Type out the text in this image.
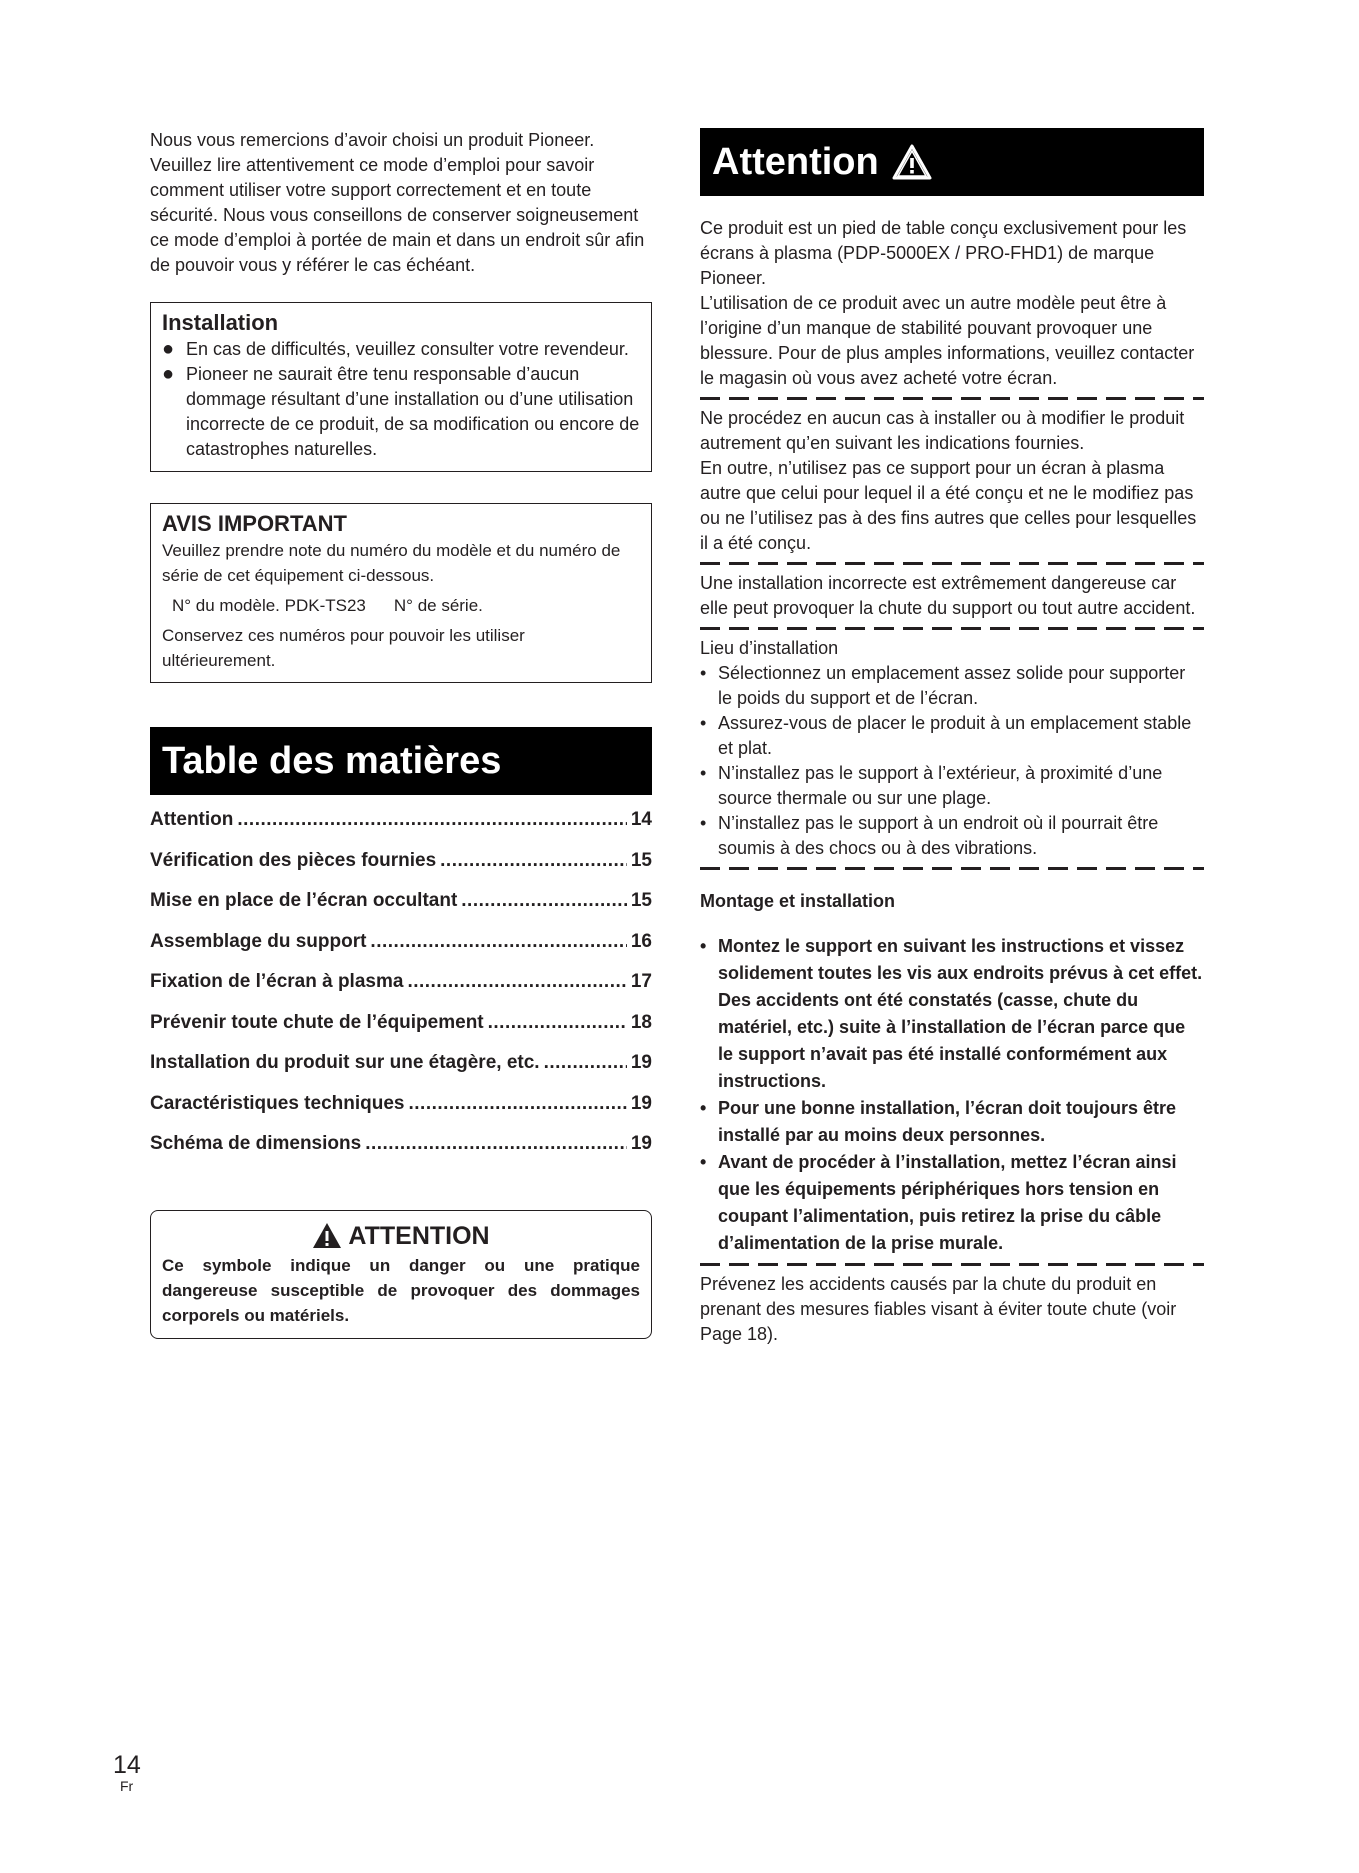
Nous vous remercions d’avoir choisi un produit Pioneer. Veuillez lire attentivement ce mode d’emploi pour savoir comment utiliser votre support correctement et en toute sécurité. Nous vous conseillons de conserver soigneusement ce mode d’emploi à portée de main et dans un endroit sûr afin de pouvoir vous y référer le cas échéant.

Installation
● En cas de difficultés, veuillez consulter votre revendeur.
● Pioneer ne saurait être tenu responsable d’aucun dommage résultant d’une installation ou d’une utilisation incorrecte de ce produit, de sa modification ou encore de catastrophes naturelles.
AVIS IMPORTANT

Veuillez prendre note du numéro du modèle et du numéro de série de cet équipement ci-dessous.

N° du modèle. PDK-TS23 N° de série.

Conservez ces numéros pour pouvoir les utiliser ultérieurement.

Table des matières
Attention .....	14
Vérification des pièces fournies .....	15
Mise en place de l’écran occultant .....	15
Assemblage du support .....	16
Fixation de l’écran à plasma .....	17
Prévenir toute chute de l’équipement .....	18
Installation du produit sur une étagère, etc. .....	19
Caractéristiques techniques .....	19
Schéma de dimensions .....	19
ATTENTION
Ce symbole indique un danger ou une pratique dangereuse susceptible de provoquer des dommages corporels ou matériels.
Attention

Ce produit est un pied de table conçu exclusivement pour les écrans à plasma (PDP-5000EX / PRO-FHD1) de marque Pioneer.

L’utilisation de ce produit avec un autre modèle peut être à l’origine d’un manque de stabilité pouvant provoquer une blessure. Pour de plus amples informations, veuillez contacter le magasin où vous avez acheté votre écran.

Ne procédez en aucun cas à installer ou à modifier le produit autrement qu’en suivant les indications fournies.

En outre, n’utilisez pas ce support pour un écran à plasma autre que celui pour lequel il a été conçu et ne le modifiez pas ou ne l’utilisez pas à des fins autres que celles pour lesquelles il a été conçu.

Une installation incorrecte est extrêmement dangereuse car elle peut provoquer la chute du support ou tout autre accident.

Lieu d’installation

• Sélectionnez un emplacement assez solide pour supporter le poids du support et de l’écran.
• Assurez-vous de placer le produit à un emplacement stable et plat.
• N’installez pas le support à l’extérieur, à proximité d’une source thermale ou sur une plage.
• N’installez pas le support à un endroit où il pourrait être soumis à des chocs ou à des vibrations.

Montage et installation

• Montez le support en suivant les instructions et vissez solidement toutes les vis aux endroits prévus à cet effet.
Des accidents ont été constatés (casse, chute du matériel, etc.) suite à l’installation de l’écran parce que le support n’avait pas été installé conformément aux instructions.
• Pour une bonne installation, l’écran doit toujours être installé par au moins deux personnes.
• Avant de procéder à l’installation, mettez l’écran ainsi que les équipements périphériques hors tension en coupant l’alimentation, puis retirez la prise du câble d’alimentation de la prise murale.

Prévenez les accidents causés par la chute du produit en prenant des mesures fiables visant à éviter toute chute (voir Page 18).

14
Fr
